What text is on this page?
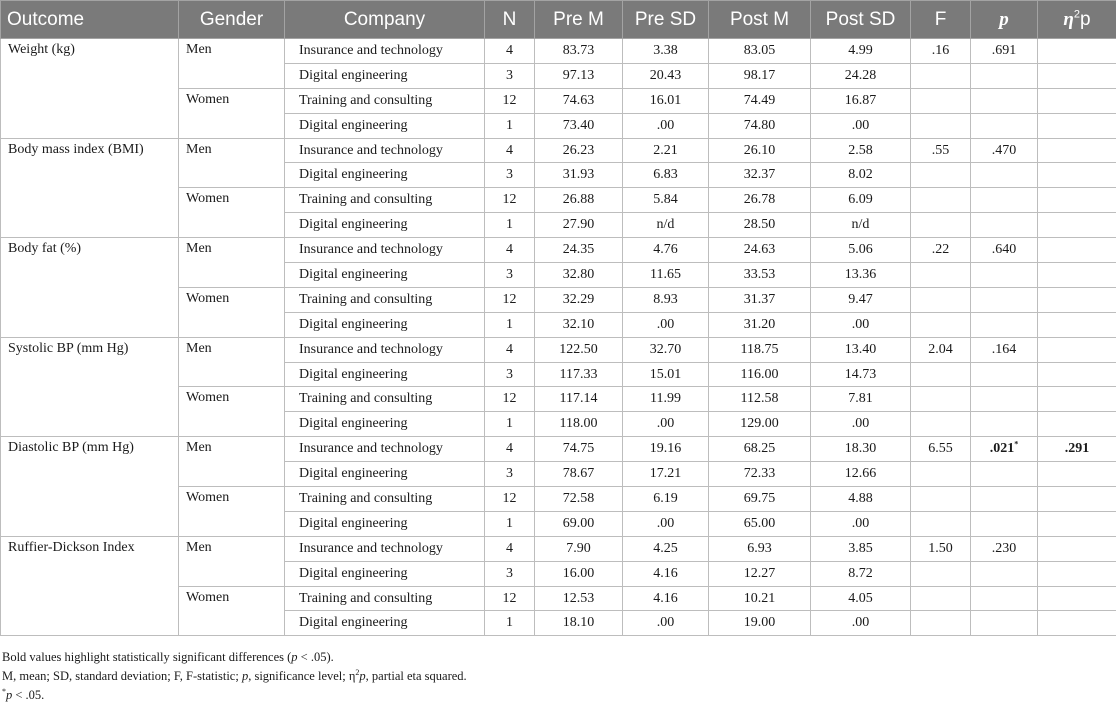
Outcome	Gender	Company	N	Pre M	Pre SD	Post M	Post SD	F	p	$\eta^2p$
Weight (kg)	Men	Insurance and technology	4	83.73	3.38	83.05	4.99	.16	.691	
		Digital engineering	3	97.13	20.43	98.17	24.28			
	Women	Training and consulting	12	74.63	16.01	74.49	16.87			
		Digital engineering	1	73.40	.00	74.80	.00			
Body mass index (BMI)	Men	Insurance and technology	4	26.23	2.21	26.10	2.58	.55	.470	
		Digital engineering	3	31.93	6.83	32.37	8.02			
	Women	Training and consulting	12	26.88	5.84	26.78	6.09			
		Digital engineering	1	27.90	n/d	28.50	n/d			
Body fat (%)	Men	Insurance and technology	4	24.35	4.76	24.63	5.06	.22	.640	
		Digital engineering	3	32.80	11.65	33.53	13.36			
	Women	Training and consulting	12	32.29	8.93	31.37	9.47			
		Digital engineering	1	32.10	.00	31.20	.00			
Systolic BP (mm Hg)	Men	Insurance and technology	4	122.50	32.70	118.75	13.40	2.04	.164	
		Digital engineering	3	117.33	15.01	116.00	14.73			
	Women	Training and consulting	12	117.14	11.99	112.58	7.81			
		Digital engineering	1	118.00	.00	129.00	.00			
Diastolic BP (mm Hg)	Men	Insurance and technology	4	74.75	19.16	68.25	18.30	6.55	.021*	.291
		Digital engineering	3	78.67	17.21	72.33	12.66			
	Women	Training and consulting	12	72.58	6.19	69.75	4.88			
		Digital engineering	1	69.00	.00	65.00	.00			
Ruffier-Dickson Index	Men	Insurance and technology	4	7.90	4.25	6.93	3.85	1.50	.230	
		Digital engineering	3	16.00	4.16	12.27	8.72			
	Women	Training and consulting	12	12.53	4.16	10.21	4.05			
		Digital engineering	1	18.10	.00	19.00	.00			
Bold values highlight statistically significant differences (p < .05).
M, mean; SD, standard deviation; F, F-statistic; p, significance level; $\eta^2p$, partial eta squared.
*p < .05.
